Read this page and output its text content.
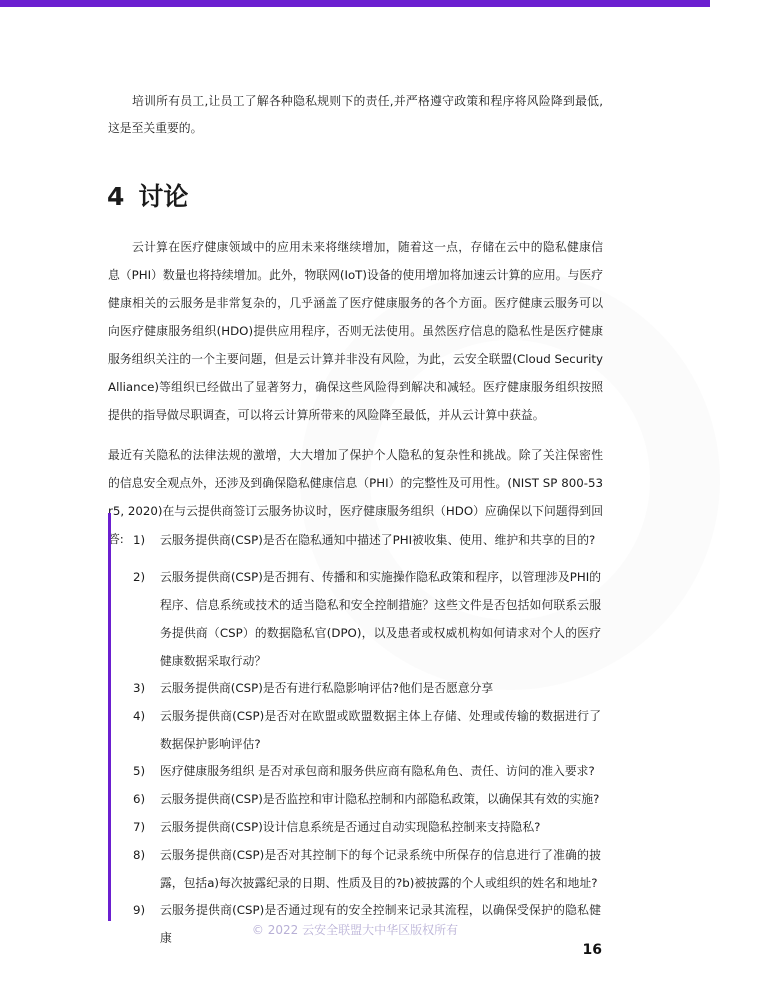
培训所有员工,让员工了解各种隐私规则下的责任,并严格遵守政策和程序将风险降到最低,这是至关重要的。

4 讨论

云计算在医疗健康领域中的应用未来将继续增加，随着这一点，存储在云中的隐私健康信息（PHI）数量也将持续增加。此外，物联网(IoT)设备的使用增加将加速云计算的应用。与医疗健康相关的云服务是非常复杂的，几乎涵盖了医疗健康服务的各个方面。医疗健康云服务可以向医疗健康服务组织(HDO)提供应用程序，否则无法使用。虽然医疗信息的隐私性是医疗健康服务组织关注的一个主要问题，但是云计算并非没有风险，为此，云安全联盟(Cloud Security Alliance)等组织已经做出了显著努力，确保这些风险得到解决和减轻。医疗健康服务组织按照提供的指导做尽职调查，可以将云计算所带来的风险降至最低，并从云计算中获益。

最近有关隐私的法律法规的激增，大大增加了保护个人隐私的复杂性和挑战。除了关注保密性的信息安全观点外，还涉及到确保隐私健康信息（PHI）的完整性及可用性。(NIST SP 800-53 r5, 2020)在与云提供商签订云服务协议时，医疗健康服务组织（HDO）应确保以下问题得到回答: 1) 云服务提供商(CSP)是否在隐私通知中描述了PHI被收集、使用、维护和共享的目的?
2) 云服务提供商(CSP)是否拥有、传播和和实施操作隐私政策和程序，以管理涉及PHI的程序、信息系统或技术的适当隐私和安全控制措施？这些文件是否包括如何联系云服务提供商（CSP）的数据隐私官(DPO)，以及患者或权威机构如何请求对个人的医疗健康数据采取行动？
3) 云服务提供商(CSP)是否有进行私隐影响评估?他们是否愿意分享
4) 云服务提供商(CSP)是否对在欧盟或欧盟数据主体上存储、处理或传输的数据进行了数据保护影响评估?
5) 医疗健康服务组织 是否对承包商和服务供应商有隐私角色、责任、访问的准入要求?
6) 云服务提供商(CSP)是否监控和审计隐私控制和内部隐私政策，以确保其有效的实施?
7) 云服务提供商(CSP)设计信息系统是否通过自动实现隐私控制来支持隐私?
8) 云服务提供商(CSP)是否对其控制下的每个记录系统中所保存的信息进行了准确的披露，包括a)每次披露纪录的日期、性质及目的?b)被披露的个人或组织的姓名和地址?
9) 云服务提供商(CSP)是否通过现有的安全控制来记录其流程，以确保受保护的隐私健康
© 2022 云安全联盟大中华区版权所有
16
